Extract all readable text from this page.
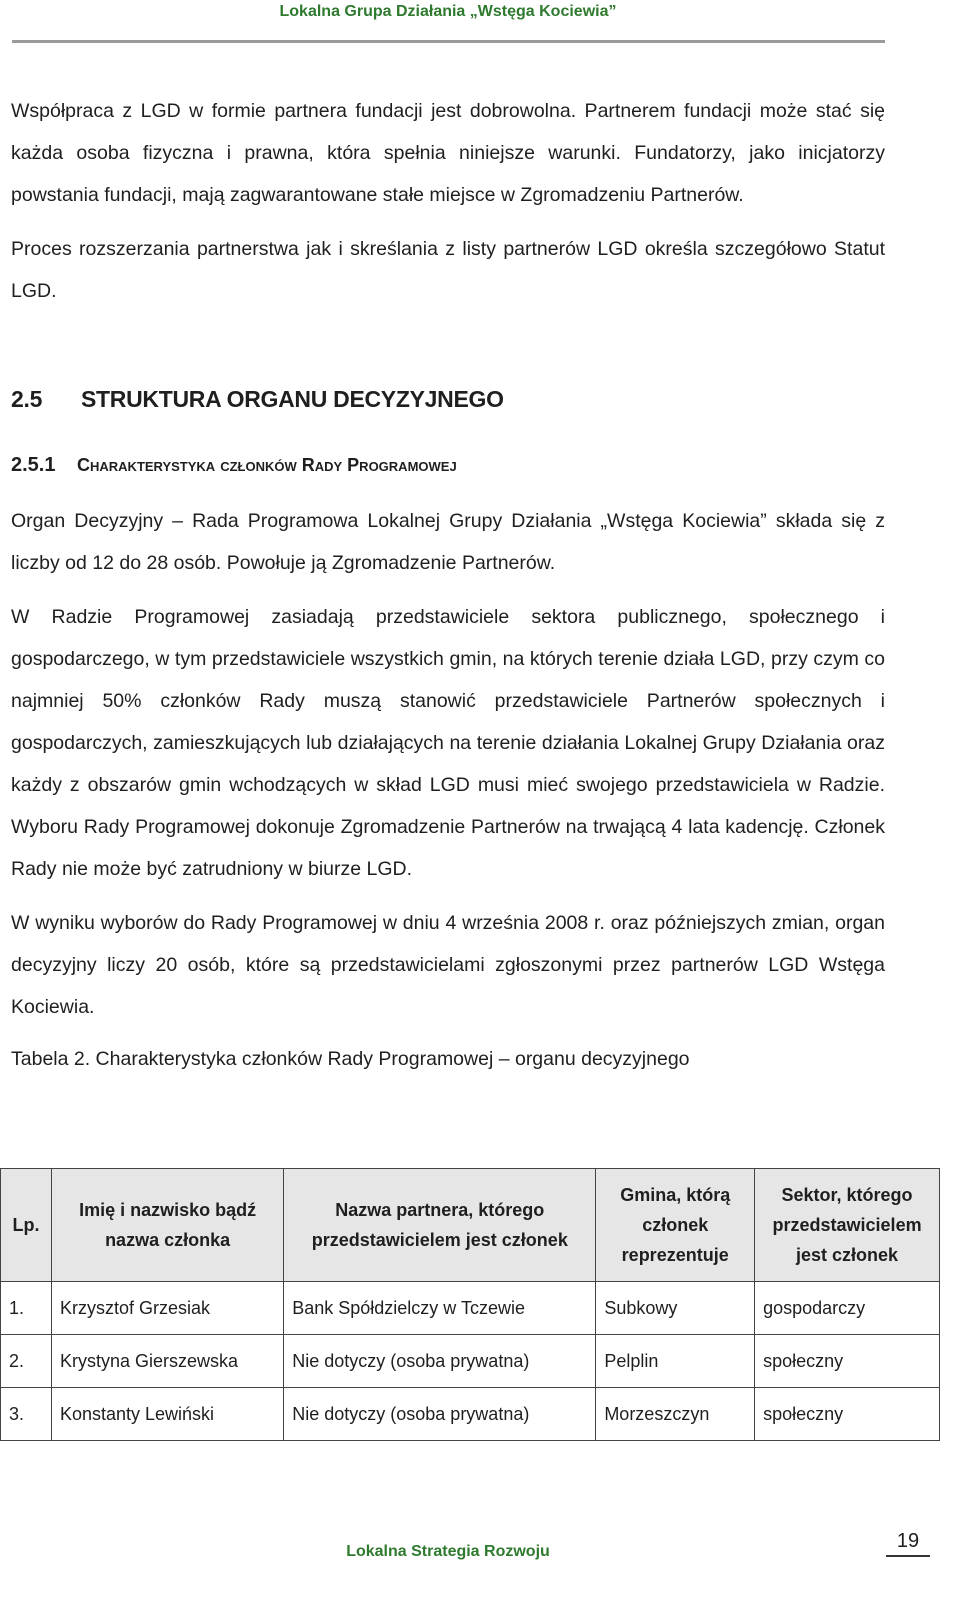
Lokalna Grupa Działania „Wstęga Kociewia”

Współpraca z LGD w formie partnera fundacji jest dobrowolna. Partnerem fundacji może stać się każda osoba fizyczna i prawna, która spełnia niniejsze warunki. Fundatorzy, jako inicjatorzy powstania fundacji, mają zagwarantowane stałe miejsce w Zgromadzeniu Partnerów.

Proces rozszerzania partnerstwa jak i skreślania z listy partnerów LGD określa szczegółowo Statut LGD.

2.5 STRUKTURA ORGANU DECYZYJNEGO
2.5.1 Charakterystyka członków Rady Programowej

Organ Decyzyjny – Rada Programowa Lokalnej Grupy Działania „Wstęga Kociewia” składa się z liczby od 12 do 28 osób. Powołuje ją Zgromadzenie Partnerów.

W Radzie Programowej zasiadają przedstawiciele sektora publicznego, społecznego i gospodarczego, w tym przedstawiciele wszystkich gmin, na których terenie działa LGD, przy czym co najmniej 50% członków Rady muszą stanowić przedstawiciele Partnerów społecznych i gospodarczych, zamieszkujących lub działających na terenie działania Lokalnej Grupy Działania oraz każdy z obszarów gmin wchodzących w skład LGD musi mieć swojego przedstawiciela w Radzie. Wyboru Rady Programowej dokonuje Zgromadzenie Partnerów na trwającą 4 lata kadencję. Członek Rady nie może być zatrudniony w biurze LGD.

W wyniku wyborów do Rady Programowej w dniu 4 września 2008 r. oraz późniejszych zmian, organ decyzyjny liczy 20 osób, które są przedstawicielami zgłoszonymi przez partnerów LGD Wstęga Kociewia.

Tabela 2. Charakterystyka członków Rady Programowej – organu decyzyjnego
Lp.	Imię i nazwisko bądź nazwa członka	Nazwa partnera, którego przedstawicielem jest członek	Gmina, którą członek reprezentuje	Sektor, którego przedstawicielem jest członek
1.	Krzysztof Grzesiak	Bank Spółdzielczy w Tczewie	Subkowy	gospodarczy
2.	Krystyna Gierszewska	Nie dotyczy (osoba prywatna)	Pelplin	społeczny
3.	Konstanty Lewiński	Nie dotyczy (osoba prywatna)	Morzeszczyn	społeczny
Lokalna Strategia Rozwoju	19
